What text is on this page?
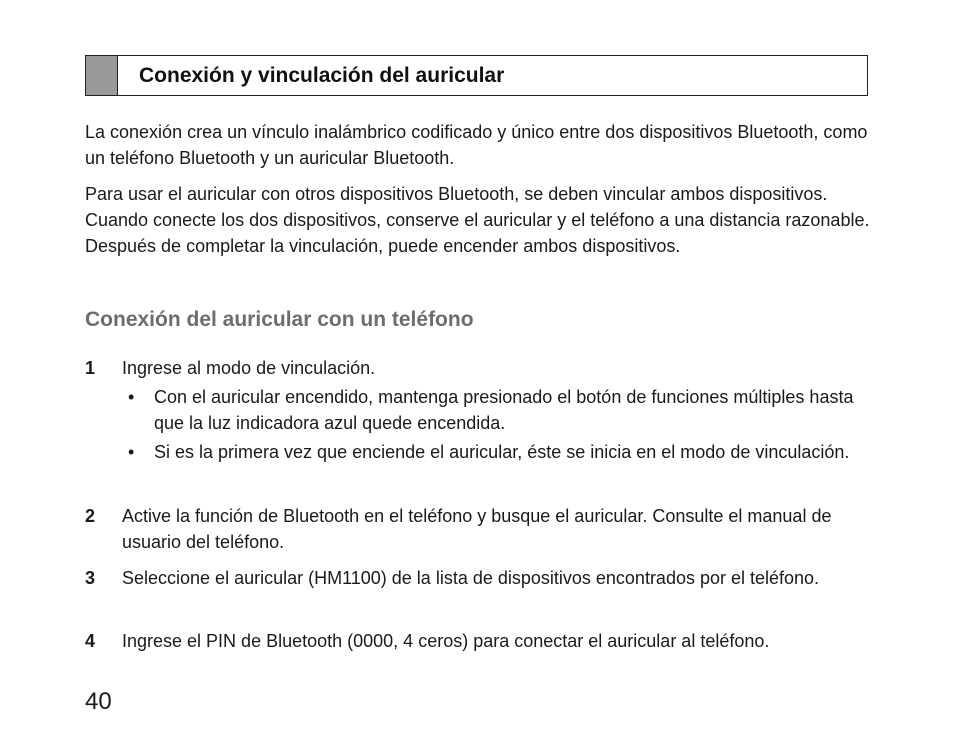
Conexión y vinculación del auricular

La conexión crea un vínculo inalámbrico codificado y único entre dos dispositivos Bluetooth, como un teléfono Bluetooth y un auricular Bluetooth.

Para usar el auricular con otros dispositivos Bluetooth, se deben vincular ambos dispositivos. Cuando conecte los dos dispositivos, conserve el auricular y el teléfono a una distancia razonable. Después de completar la vinculación, puede encender ambos dispositivos.

Conexión del auricular con un teléfono
1	Ingrese al modo de vinculación.
• Con el auricular encendido, mantenga presionado el botón de funciones múltiples hasta que la luz indicadora azul quede encendida.
• Si es la primera vez que enciende el auricular, éste se inicia en el modo de vinculación.
2	Active la función de Bluetooth en el teléfono y busque el auricular. Consulte el manual de usuario del teléfono.
3	Seleccione el auricular (HM1100) de la lista de dispositivos encontrados por el teléfono.
4	Ingrese el PIN de Bluetooth (0000, 4 ceros) para conectar el auricular al teléfono.

40
